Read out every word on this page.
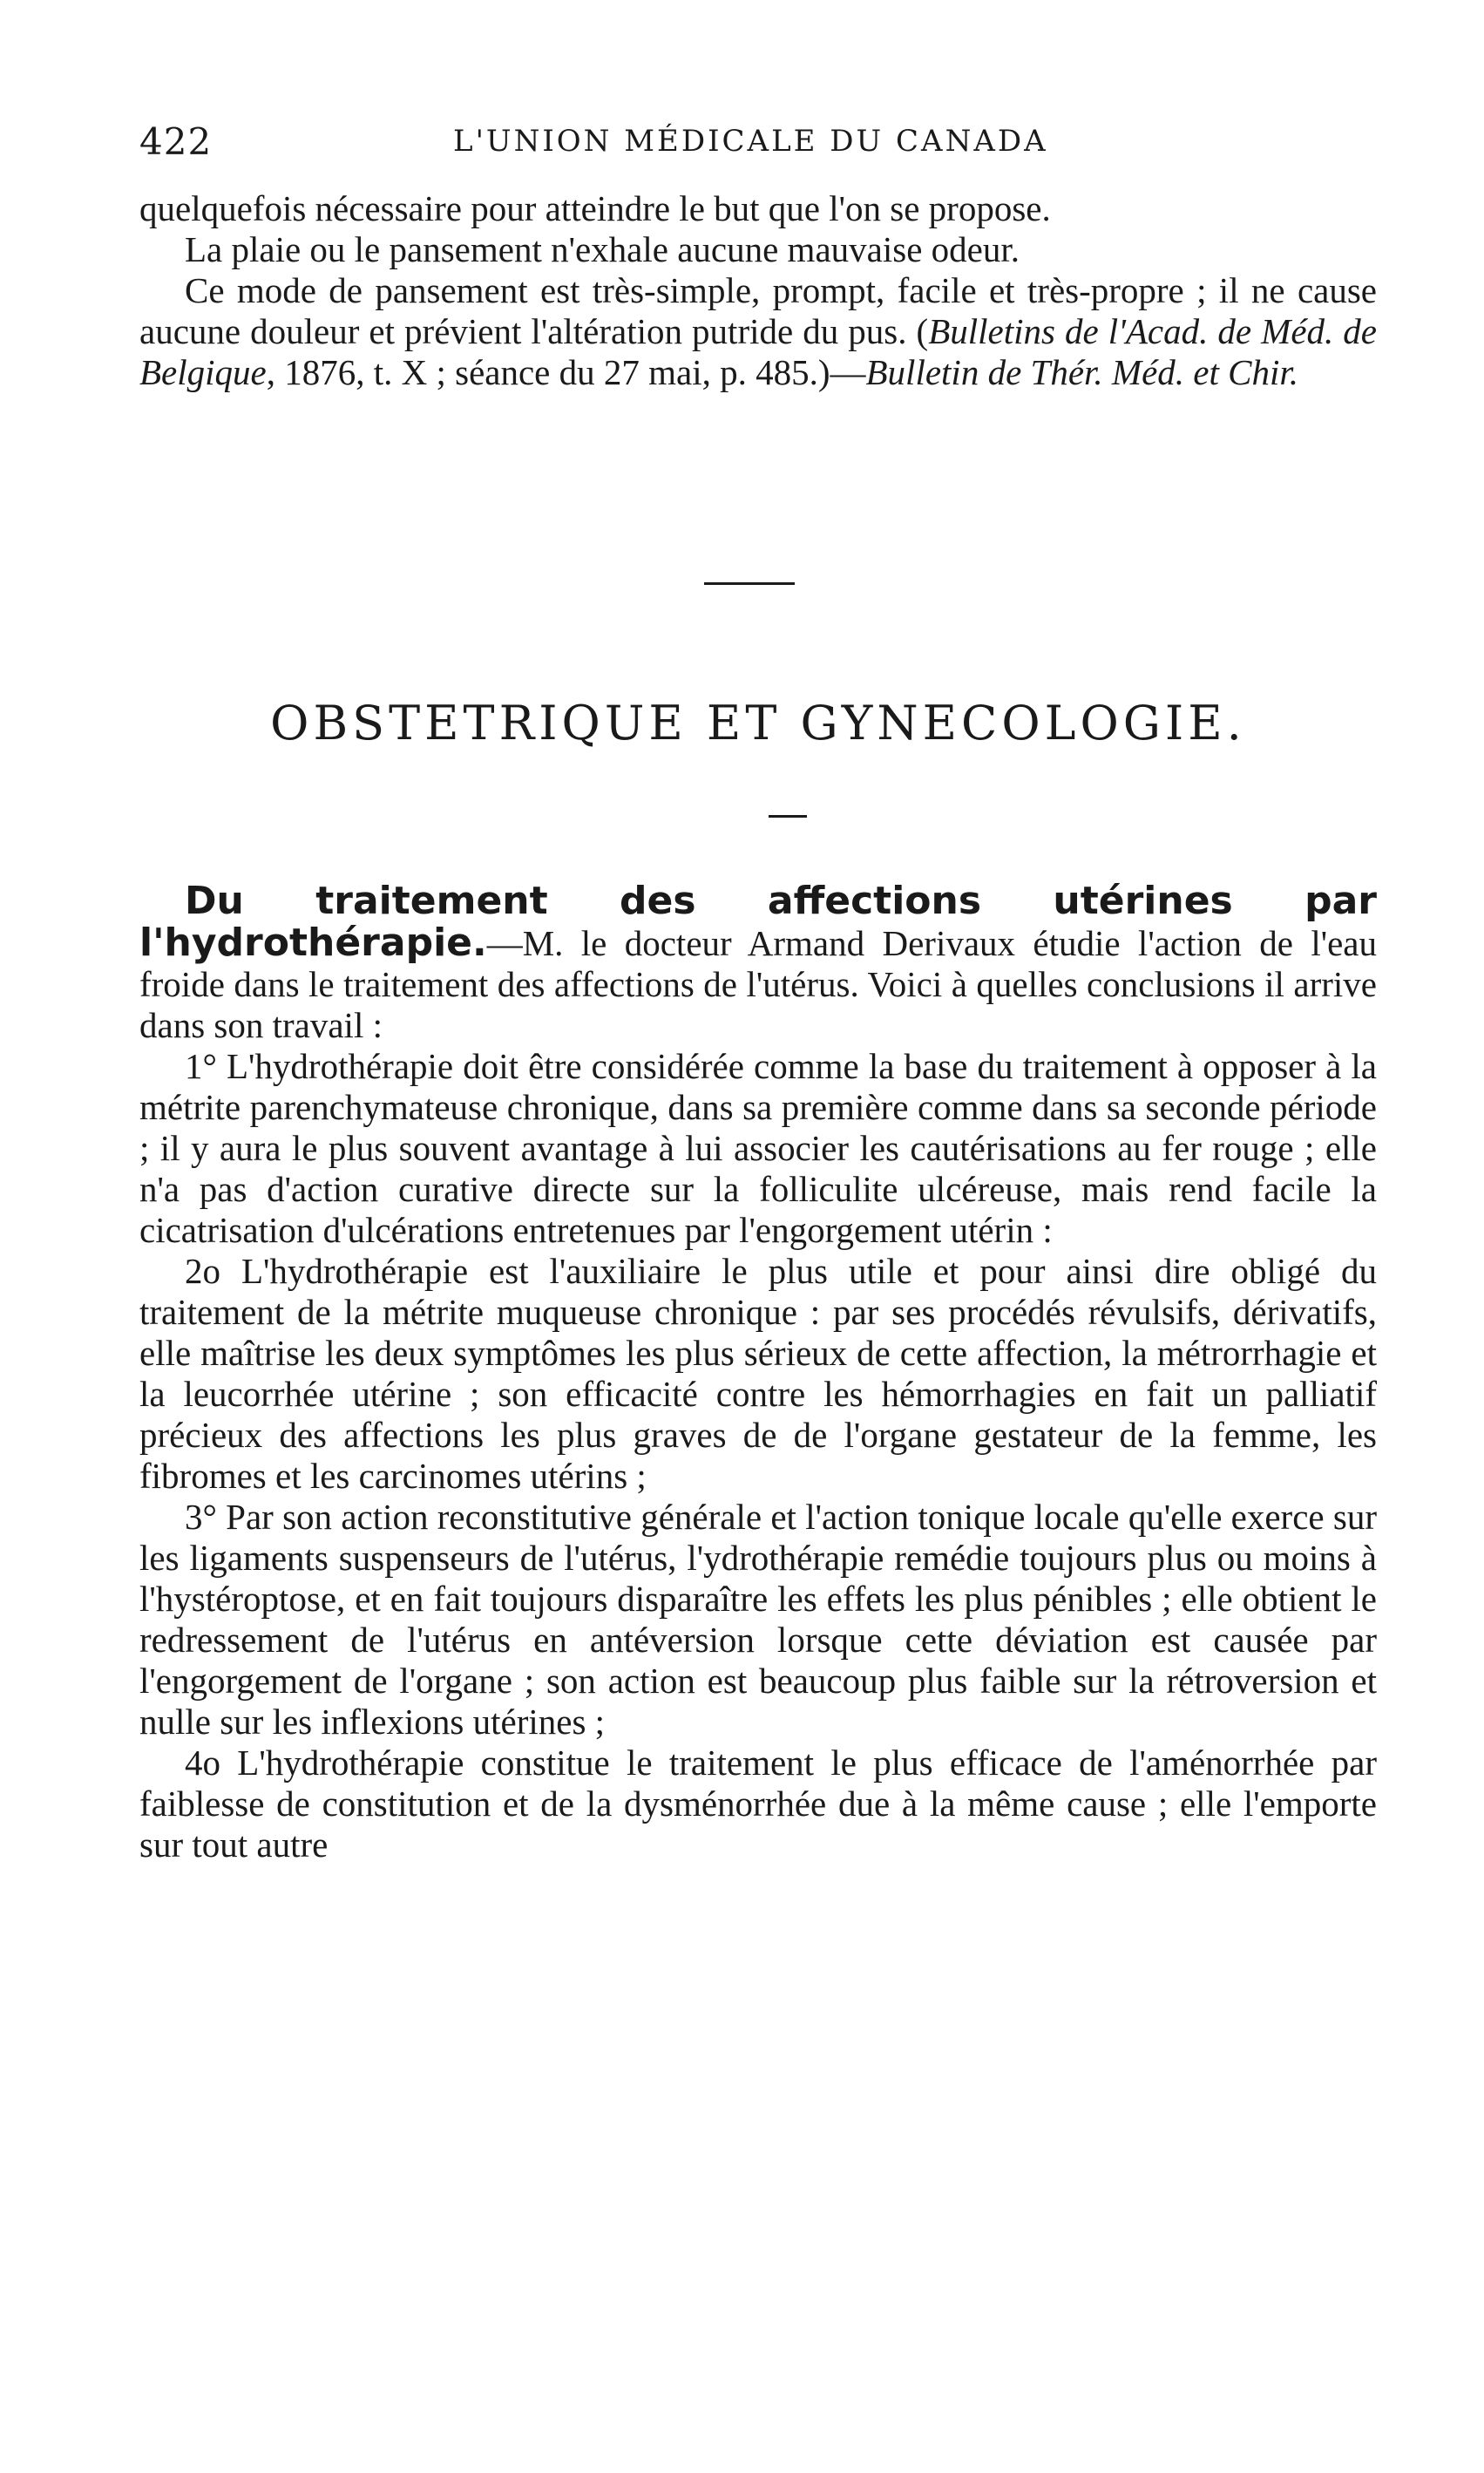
422	L'UNION MÉDICALE DU CANADA

quelquefois nécessaire pour atteindre le but que l'on se propose.

La plaie ou le pansement n'exhale aucune mauvaise odeur.

Ce mode de pansement est très-simple, prompt, facile et très-propre ; il ne cause aucune douleur et prévient l'altération putride du pus. (Bulletins de l'Acad. de Méd. de Belgique, 1876, t. X ; séance du 27 mai, p. 485.)—Bulletin de Thér. Méd. et Chir.

OBSTETRIQUE ET GYNECOLOGIE.

Du traitement des affections utérines par l'hydrothérapie.—M. le docteur Armand Derivaux étudie l'action de l'eau froide dans le traitement des affections de l'utérus. Voici à quelles conclusions il arrive dans son travail :

1° L'hydrothérapie doit être considérée comme la base du traitement à opposer à la métrite parenchymateuse chronique, dans sa première comme dans sa seconde période ; il y aura le plus souvent avantage à lui associer les cautérisations au fer rouge ; elle n'a pas d'action curative directe sur la folliculite ulcéreuse, mais rend facile la cicatrisation d'ulcérations entretenues par l'engorgement utérin :

2o L'hydrothérapie est l'auxiliaire le plus utile et pour ainsi dire obligé du traitement de la métrite muqueuse chronique : par ses procédés révulsifs, dérivatifs, elle maîtrise les deux symptômes les plus sérieux de cette affection, la métrorrhagie et la leucorrhée utérine ; son efficacité contre les hémorrhagies en fait un palliatif précieux des affections les plus graves de de l'organe gestateur de la femme, les fibromes et les carcinomes utérins ;

3° Par son action reconstitutive générale et l'action tonique locale qu'elle exerce sur les ligaments suspenseurs de l'utérus, l'ydrothérapie remédie toujours plus ou moins à l'hystéroptose, et en fait toujours disparaître les effets les plus pénibles ; elle obtient le redressement de l'utérus en antéversion lorsque cette déviation est causée par l'engorgement de l'organe ; son action est beaucoup plus faible sur la rétroversion et nulle sur les inflexions utérines ;

4o L'hydrothérapie constitue le traitement le plus efficace de l'aménorrhée par faiblesse de constitution et de la dysménorrhée due à la même cause ; elle l'emporte sur tout autre
